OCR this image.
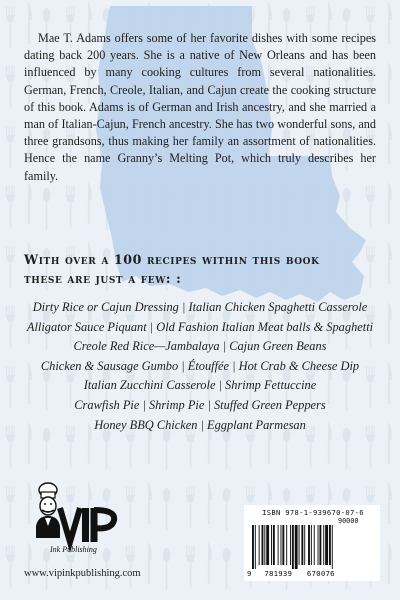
Mae T. Adams offers some of her favorite dishes with some recipes dating back 200 years. She is a native of New Orleans and has been influenced by many cooking cultures from several nationalities. German, French, Creole, Italian, and Cajun create the cooking structure of this book. Adams is of German and Irish ancestry, and she married a man of Italian-Cajun, French ancestry. She has two wonderful sons, and three grandsons, thus making her family an assortment of nationalities. Hence the name Granny’s Melting Pot, which truly describes her family.

With over a 100 recipes within this book
these are just a few: :
Dirty Rice or Cajun Dressing | Italian Chicken Spaghetti Casserole
Alligator Sauce Piquant | Old Fashion Italian Meat balls & Spaghetti
Creole Red Rice—Jambalaya | Cajun Green Beans
Chicken & Sausage Gumbo | Étouffée | Hot Crab & Cheese Dip
Italian Zucchini Casserole | Shrimp Fettuccine
Crawfish Pie | Shrimp Pie | Stuffed Green Peppers
Honey BBQ Chicken | Eggplant Parmesan
Ink Publishing
www.vipinkpublishing.com
ISBN 978-1-939670-07-6
90000
9 781939 670076
